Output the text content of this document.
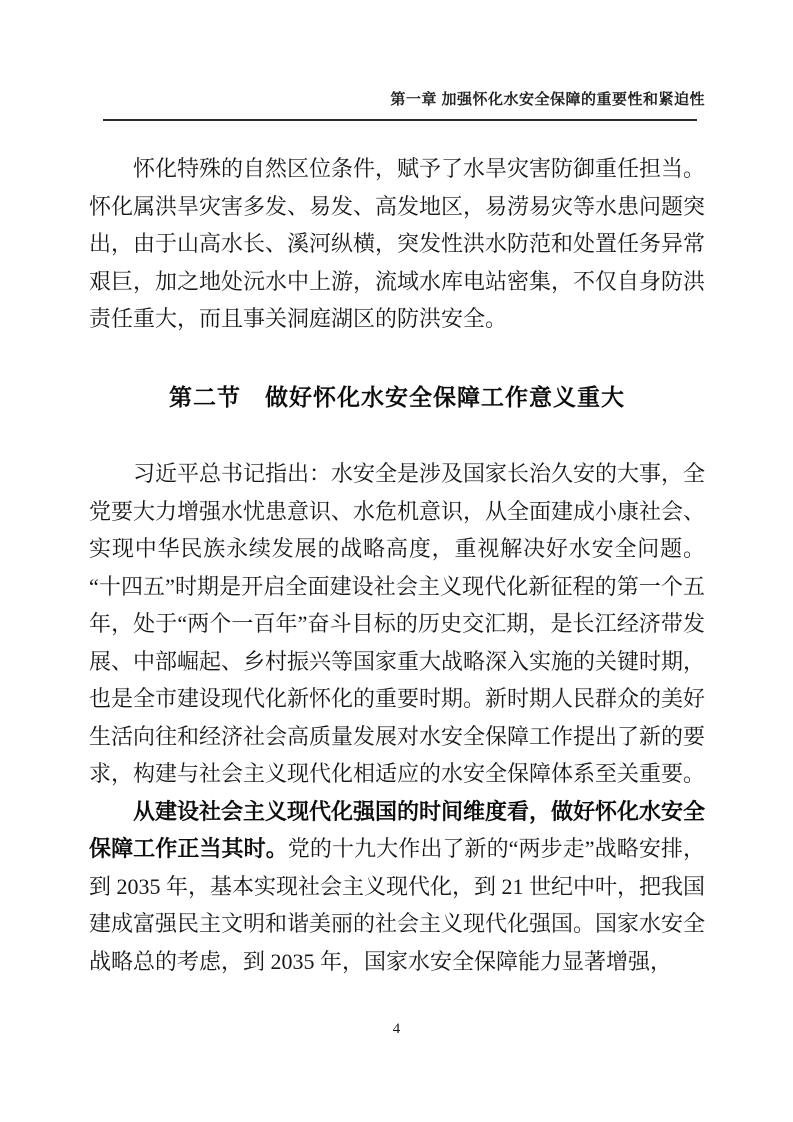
第一章 加强怀化水安全保障的重要性和紧迫性

怀化特殊的自然区位条件，赋予了水旱灾害防御重任担当。怀化属洪旱灾害多发、易发、高发地区，易涝易灾等水患问题突出，由于山高水长、溪河纵横，突发性洪水防范和处置任务异常艰巨，加之地处沅水中上游，流域水库电站密集，不仅自身防洪责任重大，而且事关洞庭湖区的防洪安全。

第二节　做好怀化水安全保障工作意义重大

习近平总书记指出：水安全是涉及国家长治久安的大事，全党要大力增强水忧患意识、水危机意识，从全面建成小康社会、实现中华民族永续发展的战略高度，重视解决好水安全问题。“十四五”时期是开启全面建设社会主义现代化新征程的第一个五年，处于“两个一百年”奋斗目标的历史交汇期，是长江经济带发展、中部崛起、乡村振兴等国家重大战略深入实施的关键时期，也是全市建设现代化新怀化的重要时期。新时期人民群众的美好生活向往和经济社会高质量发展对水安全保障工作提出了新的要求，构建与社会主义现代化相适应的水安全保障体系至关重要。

从建设社会主义现代化强国的时间维度看，做好怀化水安全保障工作正当其时。党的十九大作出了新的“两步走”战略安排，到 2035 年，基本实现社会主义现代化，到 21 世纪中叶，把我国建成富强民主文明和谐美丽的社会主义现代化强国。国家水安全战略总的考虑，到 2035 年，国家水安全保障能力显著增强，

4
